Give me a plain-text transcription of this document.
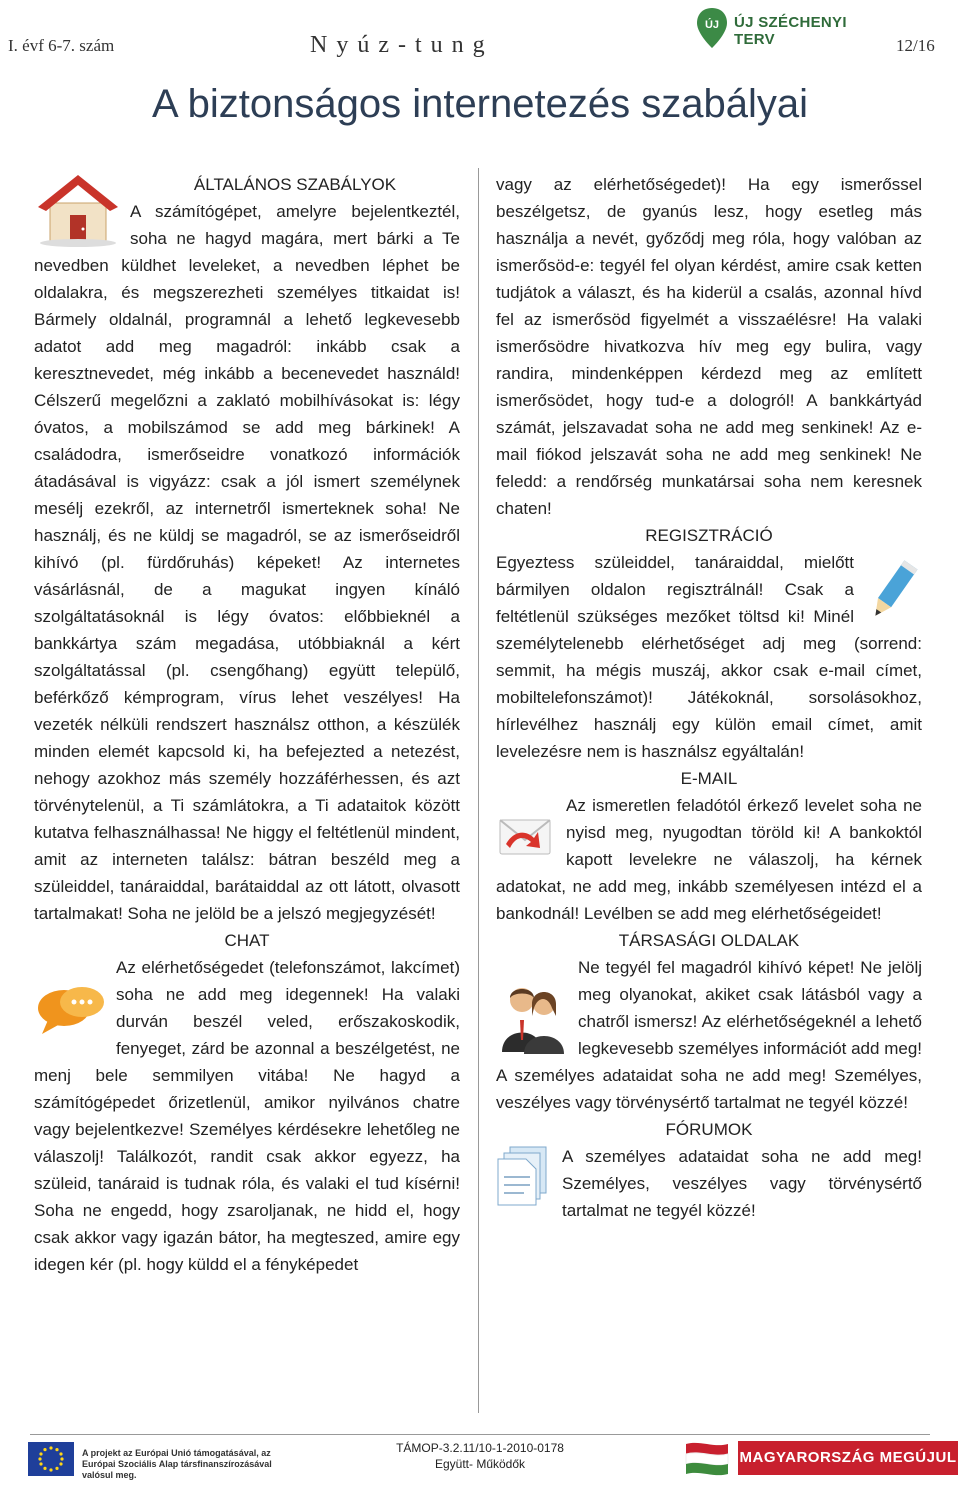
I. évf 6-7. szám	Nyúz-tung	12/16
ÚJ ÚJ SZÉCHENYI TERV
A biztonságos internetezés szabályai

ÁLTALÁNOS SZABÁLYOK

A számítógépet, amelyre bejelentkeztél, soha ne hagyd magára, mert bárki a Te nevedben küldhet leveleket, a nevedben léphet be oldalakra, és megszerezheti személyes titkaidat is! Bármely oldalnál, programnál a lehető legkevesebb adatot add meg magadról: inkább csak a keresztnevedet, még inkább a becenevedet használd! Célszerű megelőzni a zaklató mobilhívásokat is: légy óvatos, a mobilszámod se add meg bárkinek! A családodra, ismerőseidre vonatkozó információk átadásával is vigyázz: csak a jól ismert személynek mesélj ezekről, az internetről ismerteknek soha! Ne használj, és ne küldj se magadról, se az ismerőseidről kihívó (pl. fürdőruhás) képeket! Az internetes vásárlásnál, de a magukat ingyen kínáló szolgáltatásoknál is légy óvatos: előbbieknél a bankkártya szám megadása, utóbbiaknál a kért szolgáltatással (pl. csengőhang) együtt települő, beférkőző kémprogram, vírus lehet veszélyes! Ha vezeték nélküli rendszert használsz otthon, a készülék minden elemét kapcsold ki, ha befejezted a netezést, nehogy azokhoz más személy hozzáférhessen, és azt törvénytelenül, a Ti számlátokra, a Ti adataitok között kutatva felhasználhassa! Ne higgy el feltétlenül mindent, amit az interneten találsz: bátran beszéld meg a szüleiddel, tanáraiddal, barátaiddal az ott látott, olvasott tartalmakat! Soha ne jelöld be a jelszó megjegyzését!

CHAT

Az elérhetőségedet (telefonszámot, lakcímet) soha ne add meg idegennek! Ha valaki durván beszél veled, erőszakoskodik, fenyeget, zárd be azonnal a beszélgetést, ne menj bele semmilyen vitába! Ne hagyd a számítógépedet őrizetlenül, amikor nyilvános chatre vagy bejelentkezve! Személyes kérdésekre lehetőleg ne válaszolj! Találkozót, randit csak akkor egyezz, ha szüleid, tanáraid is tudnak róla, és valaki el tud kísérni! Soha ne engedd, hogy zsaroljanak, ne hidd el, hogy csak akkor vagy igazán bátor, ha megteszed, amire egy idegen kér (pl. hogy küldd el a fényképedet

vagy az elérhetőségedet)! Ha egy ismerőssel beszélgetsz, de gyanús lesz, hogy esetleg más használja a nevét, győződj meg róla, hogy valóban az ismerősöd-e: tegyél fel olyan kérdést, amire csak ketten tudjátok a választ, és ha kiderül a csalás, azonnal hívd fel az ismerősöd figyelmét a visszaélésre! Ha valaki ismerősödre hivatkozva hív meg egy bulira, vagy randira, mindenképpen kérdezd meg az említett ismerősödet, hogy tud-e a dologról! A bankkártyád számát, jelszavadat soha ne add meg senkinek! Az e-mail fiókod jelszavát soha ne add meg senkinek! Ne feledd: a rendőrség munkatársai soha nem keresnek chaten!

REGISZTRÁCIÓ

Egyeztess szüleiddel, tanáraiddal, mielőtt bármilyen oldalon regisztrálnál! Csak a feltétlenül szükséges mezőket töltsd ki! Minél személytelenebb elérhetőséget adj meg (sorrend: semmit, ha mégis muszáj, akkor csak e-mail címet, mobiltelefonszámot)! Játékoknál, sorsolásokhoz, hírlevélhez használj egy külön email címet, amit levelezésre nem is használsz egyáltalán!

E-MAIL

Az ismeretlen feladótól érkező levelet soha ne nyisd meg, nyugodtan töröld ki! A bankoktól kapott levelekre ne válaszolj, ha kérnek adatokat, ne add meg, inkább személyesen intézd el a bankodnál! Levélben se add meg elérhetőségeidet!

TÁRSASÁGI OLDALAK

Ne tegyél fel magadról kihívó képet! Ne jelölj meg olyanokat, akiket csak látásból vagy a chatről ismersz! Az elérhetőségeknél a lehető legkevesebb személyes információt add meg! A személyes adataidat soha ne add meg! Személyes, veszélyes vagy törvénysértő tartalmat ne tegyél közzé!

FÓRUMOK

A személyes adataidat soha ne add meg! Személyes, veszélyes vagy törvénysértő tartalmat ne tegyél közzé!

A projekt az Európai Unió támogatásával, az Európai Szociális Alap társfinanszírozásával valósul meg.
TÁMOP-3.2.11/10-1-2010-0178
Együtt- Működők	MAGYARORSZÁG MEGÚJUL
